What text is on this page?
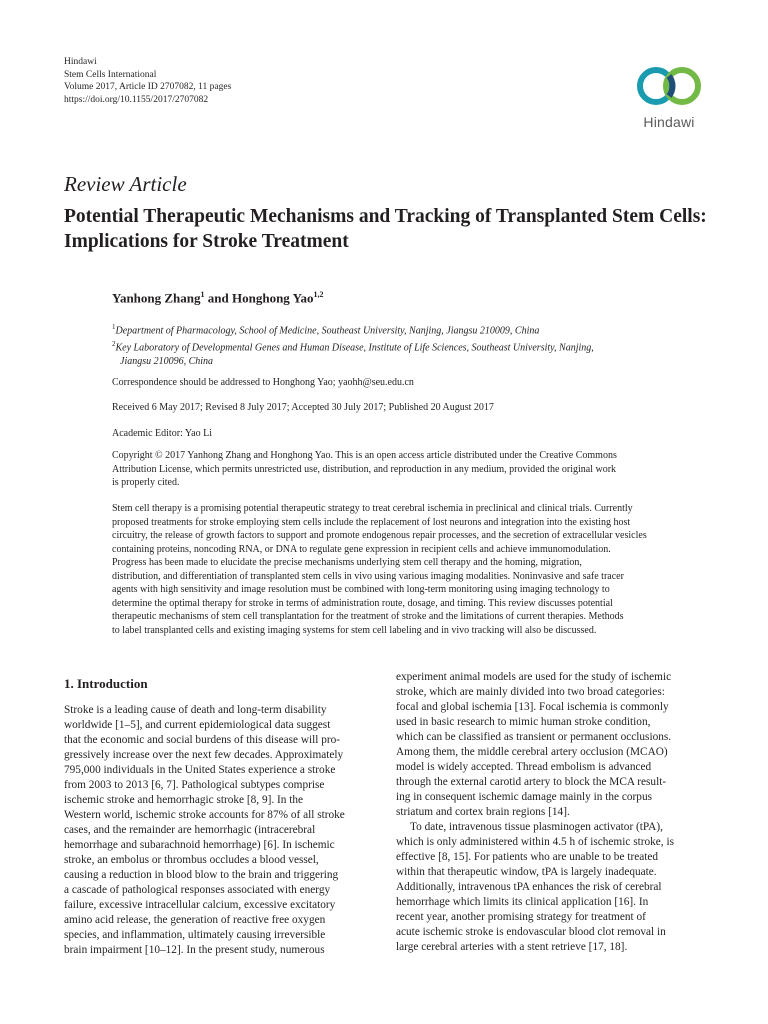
Hindawi
Stem Cells International
Volume 2017, Article ID 2707082, 11 pages
https://doi.org/10.1155/2017/2707082
Hindawi
Review Article
Potential Therapeutic Mechanisms and Tracking of Transplanted Stem Cells: Implications for Stroke Treatment
Yanhong Zhang$^1$ and Honghong Yao$^{1,2}$
$^1$Department of Pharmacology, School of Medicine, Southeast University, Nanjing, Jiangsu 210009, China
$^2$Key Laboratory of Developmental Genes and Human Disease, Institute of Life Sciences, Southeast University, Nanjing,
Jiangsu 210096, China
Correspondence should be addressed to Honghong Yao; yaohh@seu.edu.cn
Received 6 May 2017; Revised 8 July 2017; Accepted 30 July 2017; Published 20 August 2017
Academic Editor: Yao Li
Copyright © 2017 Yanhong Zhang and Honghong Yao. This is an open access article distributed under the Creative Commons
Attribution License, which permits unrestricted use, distribution, and reproduction in any medium, provided the original work
is properly cited.
Stem cell therapy is a promising potential therapeutic strategy to treat cerebral ischemia in preclinical and clinical trials. Currently
proposed treatments for stroke employing stem cells include the replacement of lost neurons and integration into the existing host
circuitry, the release of growth factors to support and promote endogenous repair processes, and the secretion of extracellular vesicles
containing proteins, noncoding RNA, or DNA to regulate gene expression in recipient cells and achieve immunomodulation.
Progress has been made to elucidate the precise mechanisms underlying stem cell therapy and the homing, migration,
distribution, and differentiation of transplanted stem cells in vivo using various imaging modalities. Noninvasive and safe tracer
agents with high sensitivity and image resolution must be combined with long-term monitoring using imaging technology to
determine the optimal therapy for stroke in terms of administration route, dosage, and timing. This review discusses potential
therapeutic mechanisms of stem cell transplantation for the treatment of stroke and the limitations of current therapies. Methods
to label transplanted cells and existing imaging systems for stem cell labeling and in vivo tracking will also be discussed.
1. Introduction
Stroke is a leading cause of death and long-term disability
worldwide [1–5], and current epidemiological data suggest
that the economic and social burdens of this disease will pro-
gressively increase over the next few decades. Approximately
795,000 individuals in the United States experience a stroke
from 2003 to 2013 [6, 7]. Pathological subtypes comprise
ischemic stroke and hemorrhagic stroke [8, 9]. In the
Western world, ischemic stroke accounts for 87% of all stroke
cases, and the remainder are hemorrhagic (intracerebral
hemorrhage and subarachnoid hemorrhage) [6]. In ischemic
stroke, an embolus or thrombus occludes a blood vessel,
causing a reduction in blood blow to the brain and triggering
a cascade of pathological responses associated with energy
failure, excessive intracellular calcium, excessive excitatory
amino acid release, the generation of reactive free oxygen
species, and inflammation, ultimately causing irreversible
brain impairment [10–12]. In the present study, numerous
experiment animal models are used for the study of ischemic
stroke, which are mainly divided into two broad categories:
focal and global ischemia [13]. Focal ischemia is commonly
used in basic research to mimic human stroke condition,
which can be classified as transient or permanent occlusions.
Among them, the middle cerebral artery occlusion (MCAO)
model is widely accepted. Thread embolism is advanced
through the external carotid artery to block the MCA result-
ing in consequent ischemic damage mainly in the corpus
striatum and cortex brain regions [14].
To date, intravenous tissue plasminogen activator (tPA),
which is only administered within 4.5 h of ischemic stroke, is
effective [8, 15]. For patients who are unable to be treated
within that therapeutic window, tPA is largely inadequate.
Additionally, intravenous tPA enhances the risk of cerebral
hemorrhage which limits its clinical application [16]. In
recent year, another promising strategy for treatment of
acute ischemic stroke is endovascular blood clot removal in
large cerebral arteries with a stent retrieve [17, 18].
